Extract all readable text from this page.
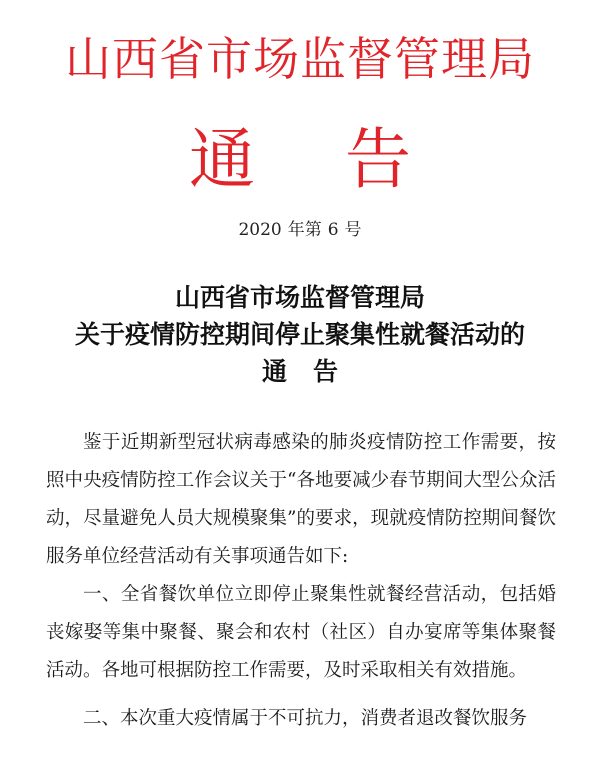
山西省市场监督管理局
通告
2020 年第 6 号
山西省市场监督管理局
关于疫情防控期间停止聚集性就餐活动的
通告

鉴于近期新型冠状病毒感染的肺炎疫情防控工作需要，按照中央疫情防控工作会议关于“各地要减少春节期间大型公众活动，尽量避免人员大规模聚集”的要求，现就疫情防控期间餐饮服务单位经营活动有关事项通告如下:

一、全省餐饮单位立即停止聚集性就餐经营活动，包括婚丧嫁娶等集中聚餐、聚会和农村（社区）自办宴席等集体聚餐活动。各地可根据防控工作需要，及时采取相关有效措施。

二、本次重大疫情属于不可抗力，消费者退改餐饮服务
